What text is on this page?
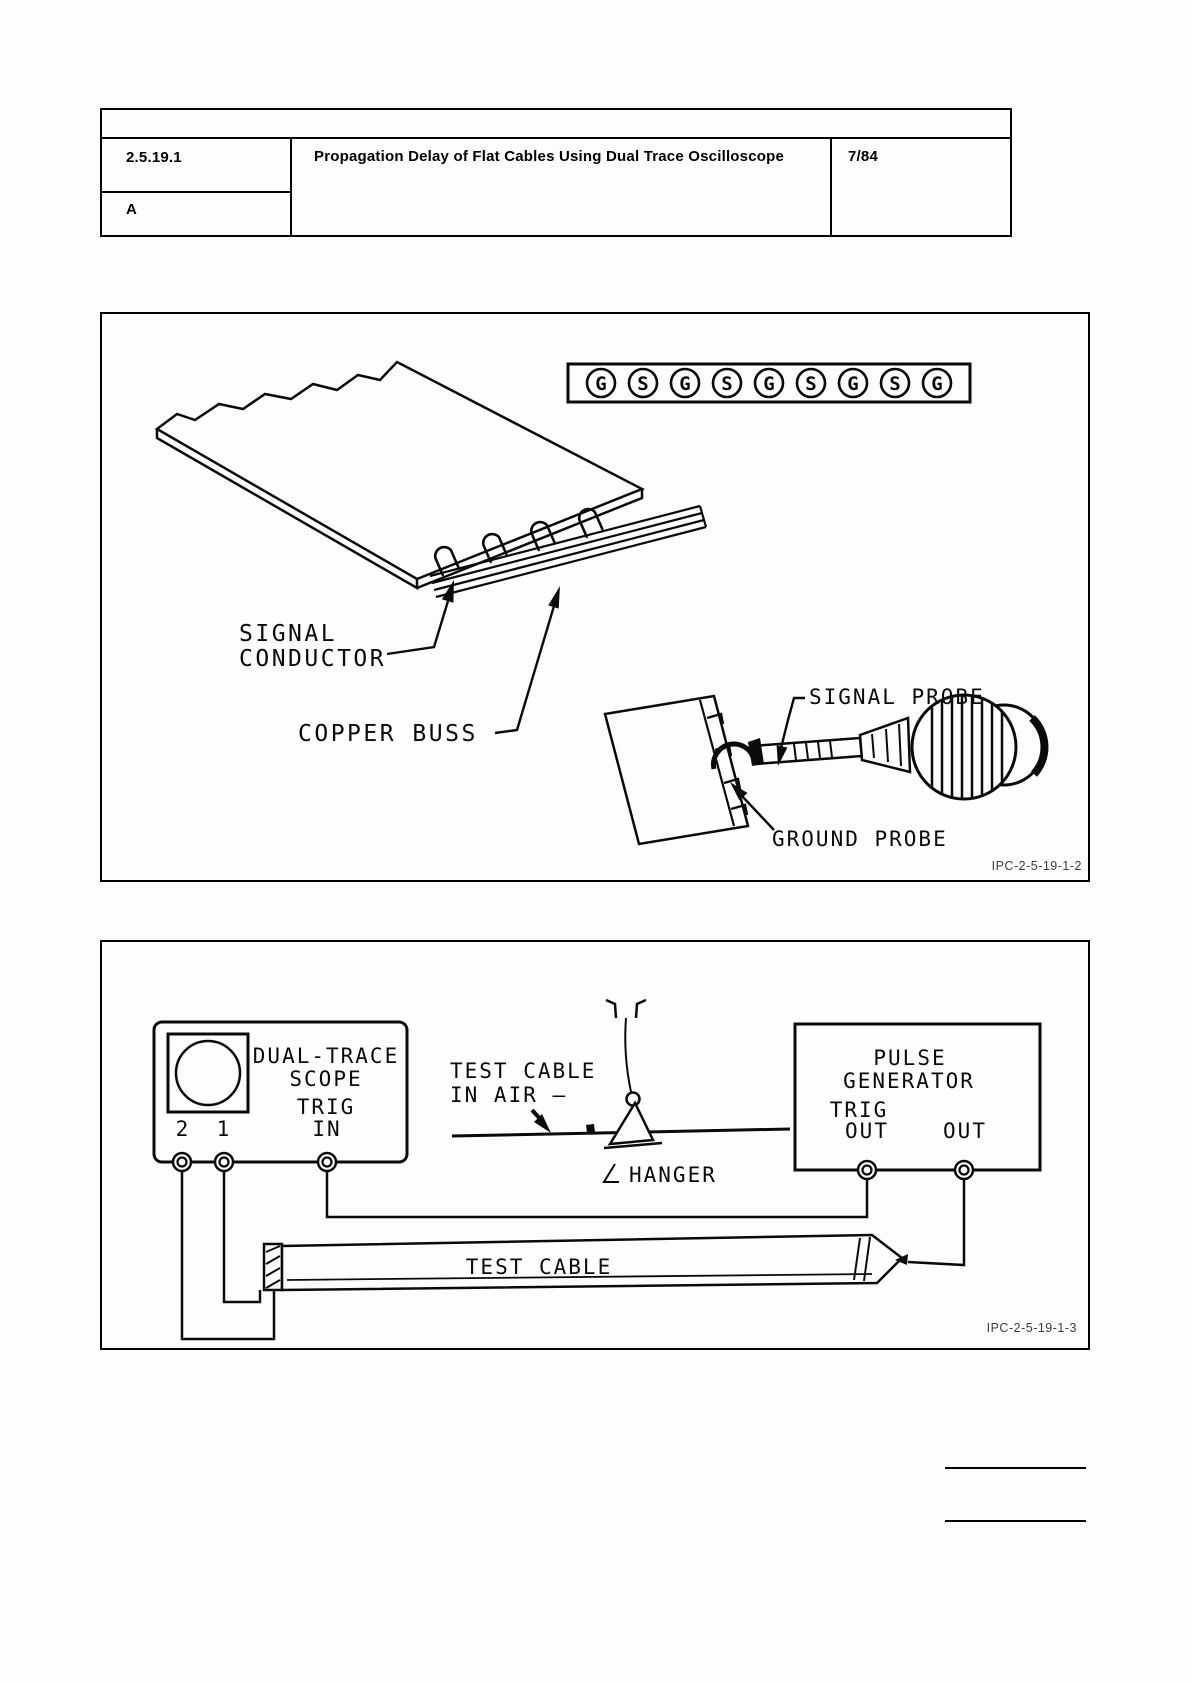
2.5.19.1
A
Propagation Delay of Flat Cables Using Dual Trace Oscilloscope	7/84
G S G S G S G S G
SIGNAL
CONDUCTOR
COPPER BUSS
SIGNAL PROBE
GROUND PROBE
IPC-2-5-19-1-2
DUAL-TRACE
SCOPE
TRIG
IN
2 1
PULSE
GENERATOR
TRIG
OUT	OUT
TEST CABLE
IN AIR —
HANGER
TEST CABLE
IPC-2-5-19-1-3
